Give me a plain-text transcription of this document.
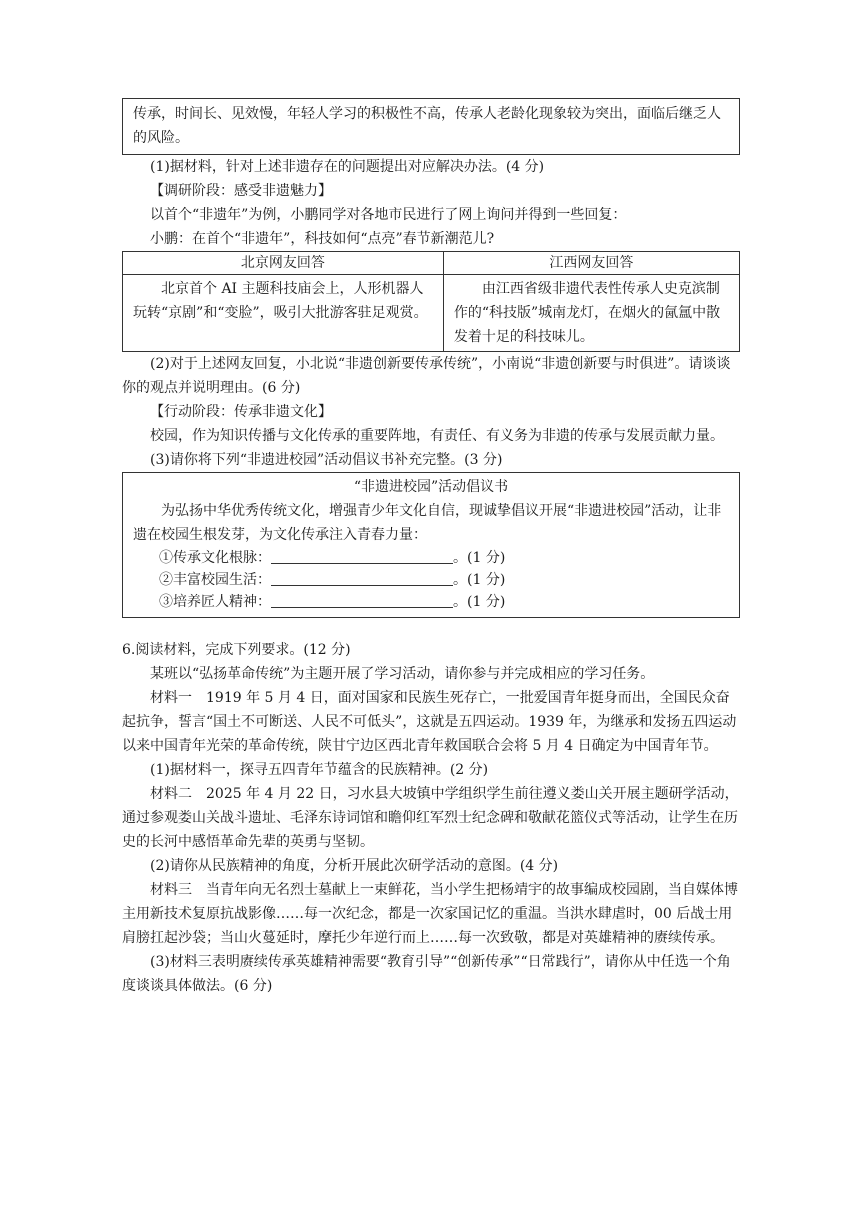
传承，时间长、见效慢，年轻人学习的积极性不高，传承人老龄化现象较为突出，面临后继乏人的风险。

(1)据材料，针对上述非遗存在的问题提出对应解决办法。(4 分)

【调研阶段：感受非遗魅力】

以首个“非遗年”为例，小鹏同学对各地市民进行了网上询问并得到一些回复：

小鹏：在首个“非遗年”，科技如何“点亮”春节新潮范儿?

北京网友回答	江西网友回答
北京首个 AI 主题科技庙会上，人形机器人玩转“京剧”和“变脸”，吸引大批游客驻足观赏。	由江西省级非遗代表性传承人史克滨制作的“科技版”城南龙灯，在烟火的氤氲中散发着十足的科技味儿。

(2)对于上述网友回复，小北说“非遗创新要传承传统”，小南说“非遗创新要与时俱进”。请谈谈你的观点并说明理由。(6 分)

【行动阶段：传承非遗文化】

校园，作为知识传播与文化传承的重要阵地，有责任、有义务为非遗的传承与发展贡献力量。

(3)请你将下列“非遗进校园”活动倡议书补充完整。(3 分)

“非遗进校园”活动倡议书

为弘扬中华优秀传统文化，增强青少年文化自信，现诚挚倡议开展“非遗进校园”活动，让非遗在校园生根发芽，为文化传承注入青春力量：

①传承文化根脉：	。(1 分)

②丰富校园生活：	。(1 分)

③培养匠人精神：	。(1 分)

6.阅读材料，完成下列要求。(12 分)

某班以“弘扬革命传统”为主题开展了学习活动，请你参与并完成相应的学习任务。

材料一　1919 年 5 月 4 日，面对国家和民族生死存亡，一批爱国青年挺身而出，全国民众奋起抗争，誓言“国土不可断送、人民不可低头”，这就是五四运动。1939 年，为继承和发扬五四运动以来中国青年光荣的革命传统，陕甘宁边区西北青年救国联合会将 5 月 4 日确定为中国青年节。

(1)据材料一，探寻五四青年节蕴含的民族精神。(2 分)

材料二　2025 年 4 月 22 日，习水县大坡镇中学组织学生前往遵义娄山关开展主题研学活动，通过参观娄山关战斗遗址、毛泽东诗词馆和瞻仰红军烈士纪念碑和敬献花篮仪式等活动，让学生在历史的长河中感悟革命先辈的英勇与坚韧。

(2)请你从民族精神的角度，分析开展此次研学活动的意图。(4 分)

材料三　当青年向无名烈士墓献上一束鲜花，当小学生把杨靖宇的故事编成校园剧，当自媒体博主用新技术复原抗战影像……每一次纪念，都是一次家国记忆的重温。当洪水肆虐时，00 后战士用肩膀扛起沙袋；当山火蔓延时，摩托少年逆行而上……每一次致敬，都是对英雄精神的赓续传承。

(3)材料三表明赓续传承英雄精神需要“教育引导”“创新传承”“日常践行”，请你从中任选一个角度谈谈具体做法。(6 分)
